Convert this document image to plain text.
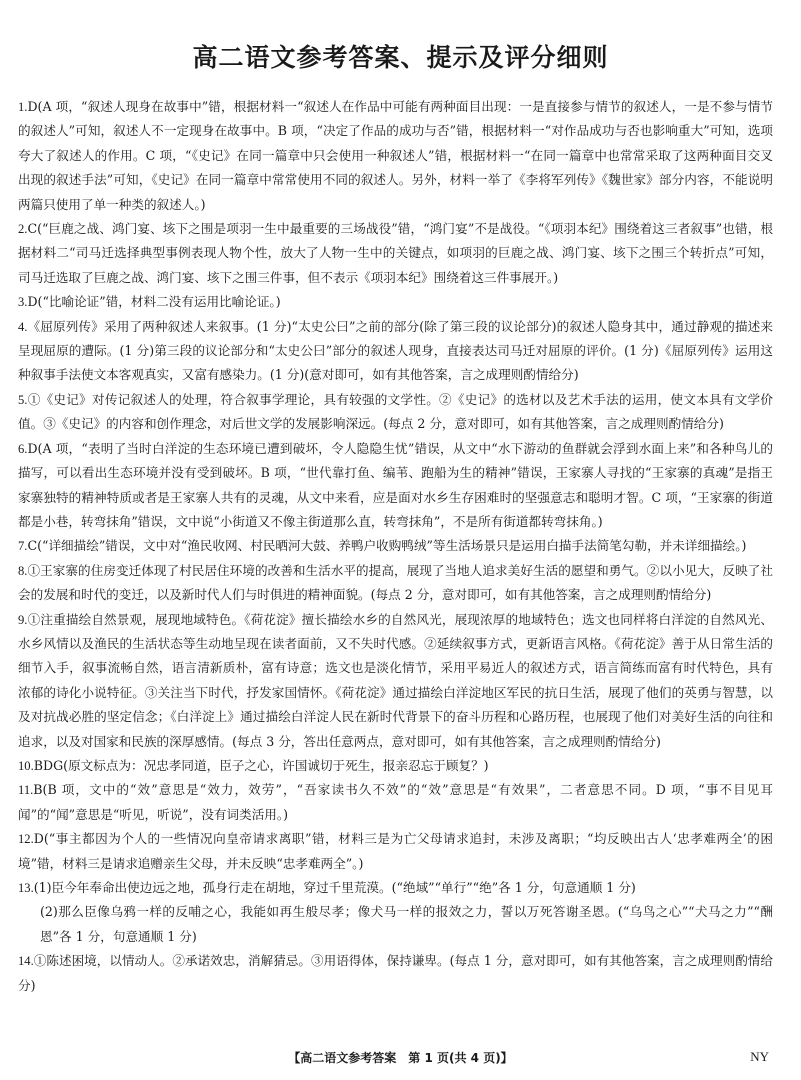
高二语文参考答案、提示及评分细则

1.D(A 项，“叙述人现身在故事中”错，根据材料一“叙述人在作品中可能有两种面目出现：一是直接参与情节的叙述人，一是不参与情节的叙述人”可知，叙述人不一定现身在故事中。B 项，“决定了作品的成功与否”错，根据材料一“对作品成功与否也影响重大”可知，选项夸大了叙述人的作用。C 项，“《史记》在同一篇章中只会使用一种叙述人”错，根据材料一“在同一篇章中也常常采取了这两种面目交叉出现的叙述手法”可知，《史记》在同一篇章中常常使用不同的叙述人。另外，材料一举了《李将军列传》《魏世家》部分内容，不能说明两篇只使用了单一种类的叙述人。)

2.C(“巨鹿之战、鸿门宴、垓下之围是项羽一生中最重要的三场战役”错，“鸿门宴”不是战役。“《项羽本纪》围绕着这三者叙事”也错，根据材料二“司马迁选择典型事例表现人物个性，放大了人物一生中的关键点，如项羽的巨鹿之战、鸿门宴、垓下之围三个转折点”可知，司马迁选取了巨鹿之战、鸿门宴、垓下之围三件事，但不表示《项羽本纪》围绕着这三件事展开。)

3.D(“比喻论证”错，材料二没有运用比喻论证。)

4.《屈原列传》采用了两种叙述人来叙事。(1 分)“太史公曰”之前的部分(除了第三段的议论部分)的叙述人隐身其中，通过静观的描述来呈现屈原的遭际。(1 分)第三段的议论部分和“太史公曰”部分的叙述人现身，直接表达司马迁对屈原的评价。(1 分)《屈原列传》运用这种叙事手法使文本客观真实，又富有感染力。(1 分)(意对即可，如有其他答案，言之成理则酌情给分)

5.①《史记》对传记叙述人的处理，符合叙事学理论，具有较强的文学性。②《史记》的选材以及艺术手法的运用，使文本具有文学价值。③《史记》的内容和创作理念，对后世文学的发展影响深远。(每点 2 分，意对即可，如有其他答案，言之成理则酌情给分)

6.D(A 项，“表明了当时白洋淀的生态环境已遭到破坏，令人隐隐生忧”错误，从文中“水下游动的鱼群就会浮到水面上来”和各种鸟儿的描写，可以看出生态环境并没有受到破坏。B 项，“世代靠打鱼、编苇、跑船为生的精神”错误，王家寨人寻找的“王家寨的真魂”是指王家寨独特的精神特质或者是王家寨人共有的灵魂，从文中来看，应是面对水乡生存困难时的坚强意志和聪明才智。C 项，“王家寨的街道都是小巷，转弯抹角”错误，文中说“小街道又不像主街道那么直，转弯抹角”，不是所有街道都转弯抹角。)

7.C(“详细描绘”错误，文中对“渔民收网、村民晒河大鼓、养鸭户收购鸭绒”等生活场景只是运用白描手法简笔勾勒，并未详细描绘。)

8.①王家寨的住房变迁体现了村民居住环境的改善和生活水平的提高，展现了当地人追求美好生活的愿望和勇气。②以小见大，反映了社会的发展和时代的变迁，以及新时代人们与时俱进的精神面貌。(每点 2 分，意对即可，如有其他答案，言之成理则酌情给分)

9.①注重描绘自然景观，展现地域特色。《荷花淀》擅长描绘水乡的自然风光，展现浓厚的地域特色；选文也同样将白洋淀的自然风光、水乡风情以及渔民的生活状态等生动地呈现在读者面前，又不失时代感。②延续叙事方式，更新语言风格。《荷花淀》善于从日常生活的细节入手，叙事流畅自然，语言清新质朴，富有诗意；选文也是淡化情节，采用平易近人的叙述方式，语言简练而富有时代特色，具有浓郁的诗化小说特征。③关注当下时代，抒发家国情怀。《荷花淀》通过描绘白洋淀地区军民的抗日生活，展现了他们的英勇与智慧，以及对抗战必胜的坚定信念；《白洋淀上》通过描绘白洋淀人民在新时代背景下的奋斗历程和心路历程，也展现了他们对美好生活的向往和追求，以及对国家和民族的深厚感情。(每点 3 分，答出任意两点，意对即可，如有其他答案，言之成理则酌情给分)

10.BDG(原文标点为：况忠孝同道，臣子之心，许国诚切于死生，报亲忍忘于顾复？)

11.B(B 项，文中的“效”意思是“效力，效劳”，“吾家读书久不效”的“效”意思是“有效果”，二者意思不同。D 项，“事不目见耳闻”的“闻”意思是“听见，听说”，没有词类活用。)

12.D(“事主都因为个人的一些情况向皇帝请求离职”错，材料三是为亡父母请求追封，未涉及离职；“均反映出古人‘忠孝难两全’的困境”错，材料三是请求追赠亲生父母，并未反映“忠孝难两全”。)

13.(1)臣今年奉命出使边远之地，孤身行走在胡地，穿过千里荒漠。(“绝域”“单行”“绝”各 1 分，句意通顺 1 分)

(2)那么臣像乌鸦一样的反哺之心，我能如再生般尽孝；像犬马一样的报效之力，誓以万死答谢圣恩。(“乌鸟之心”“犬马之力”“酬恩”各 1 分，句意通顺 1 分)

14.①陈述困境，以情动人。②承诺效忠，消解猜忌。③用语得体，保持谦卑。(每点 1 分，意对即可，如有其他答案，言之成理则酌情给分)

【高二语文参考答案　第 1 页(共 4 页)】	NY
